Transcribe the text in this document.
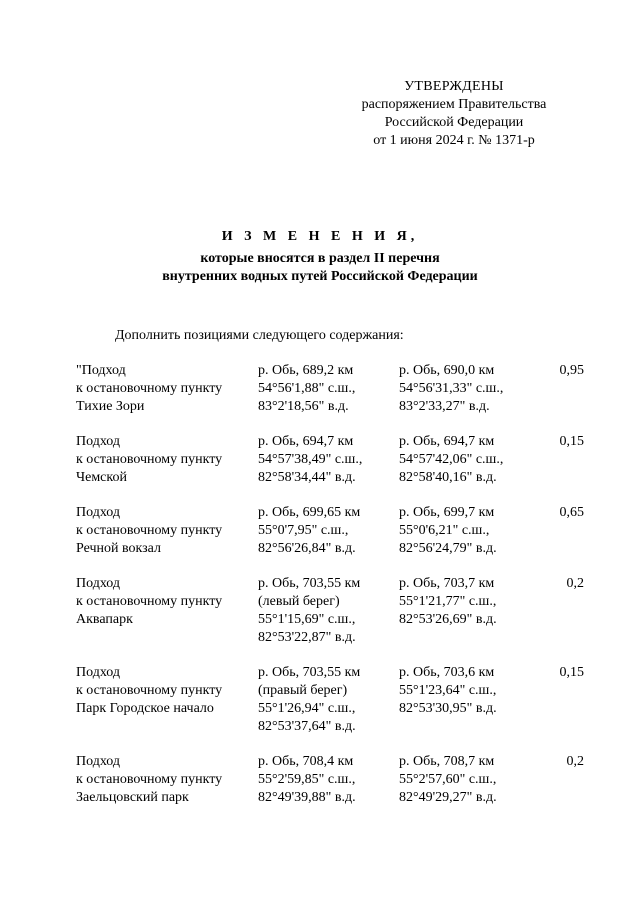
УТВЕРЖДЕНЫ
распоряжением Правительства
Российской Федерации
от 1 июня 2024 г. № 1371-р
И З М Е Н Е Н И Я,
которые вносятся в раздел II перечня
внутренних водных путей Российской Федерации
Дополнить позициями следующего содержания:
"Подход
к остановочному пункту
Тихие Зори
р. Обь, 689,2 км
54°56'1,88" с.ш.,
83°2'18,56" в.д.
р. Обь, 690,0 км
54°56'31,33" с.ш.,
83°2'33,27" в.д.
0,95
Подход
к остановочному пункту
Чемской
р. Обь, 694,7 км
54°57'38,49" с.ш.,
82°58'34,44" в.д.
р. Обь, 694,7 км
54°57'42,06" с.ш.,
82°58'40,16" в.д.
0,15
Подход
к остановочному пункту
Речной вокзал
р. Обь, 699,65 км
55°0'7,95" с.ш.,
82°56'26,84" в.д.
р. Обь, 699,7 км
55°0'6,21" с.ш.,
82°56'24,79" в.д.
0,65
Подход
к остановочному пункту
Аквапарк
р. Обь, 703,55 км
(левый берег)
55°1'15,69" с.ш.,
82°53'22,87" в.д.
р. Обь, 703,7 км
55°1'21,77" с.ш.,
82°53'26,69" в.д.
0,2
Подход
к остановочному пункту
Парк Городское начало
р. Обь, 703,55 км
(правый берег)
55°1'26,94" с.ш.,
82°53'37,64" в.д.
р. Обь, 703,6 км
55°1'23,64" с.ш.,
82°53'30,95" в.д.
0,15
Подход
к остановочному пункту
Заельцовский парк
р. Обь, 708,4 км
55°2'59,85" с.ш.,
82°49'39,88" в.д.
р. Обь, 708,7 км
55°2'57,60" с.ш.,
82°49'29,27" в.д.
0,2
